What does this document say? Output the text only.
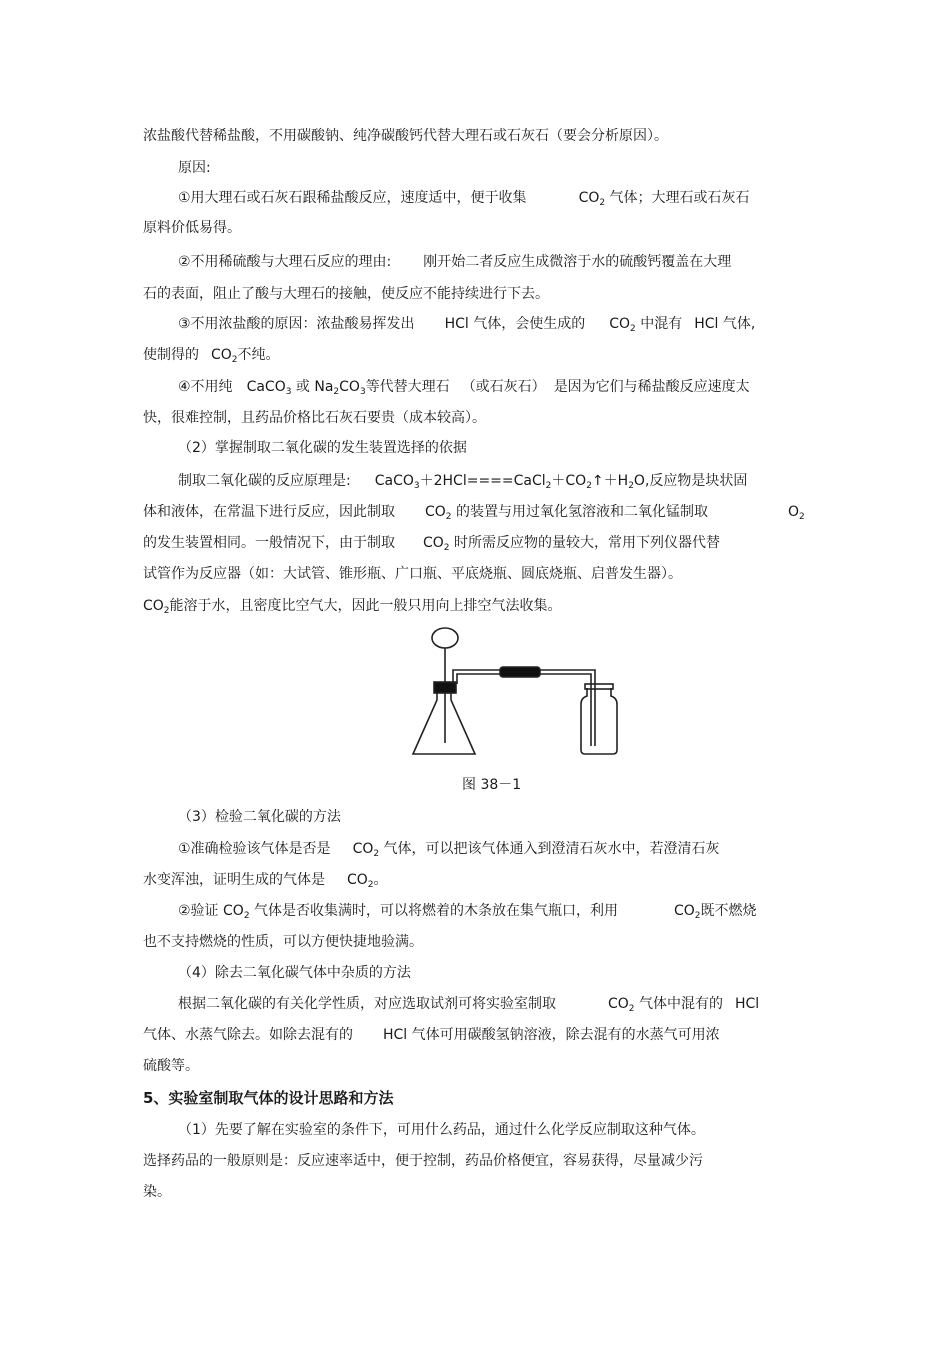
浓盐酸代替稀盐酸，不用碳酸钠、纯净碳酸钙代替大理石或石灰石（要会分析原因）。
原因:
①用大理石或石灰石跟稀盐酸反应，速度适中，便于收集	$CO_2$ 气体；大理石或石灰石
原料价低易得。
②不用稀硫酸与大理石反应的理由: 刚开始二者反应生成微溶于水的硫酸钙覆盖在大理
石的表面，阻止了酸与大理石的接触，使反应不能持续进行下去。
③不用浓盐酸的原因：浓盐酸易挥发出 HCl 气体，会使生成的 $CO_2$ 中混有 HCl 气体,
使制得的 $CO_2$不纯。
④不用纯 CaCO$_3$ 或 $Na_2CO_3$等代替大理石 （或石灰石） 是因为它们与稀盐酸反应速度太
快，很难控制，且药品价格比石灰石要贵（成本较高）。
（2）掌握制取二氧化碳的发生装置选择的依据
制取二氧化碳的反应原理是: $CaCO_3+2HCl====CaCl_2+CO_2↑+H_2O$,反应物是块状固
体和液体，在常温下进行反应，因此制取 $CO_2$ 的装置与用过氧化氢溶液和二氧化锰制取	$O_2$
的发生装置相同。一般情况下，由于制取 $CO_2$ 时所需反应物的量较大，常用下列仪器代替
试管作为反应器（如：大试管、锥形瓶、广口瓶、平底烧瓶、圆底烧瓶、启普发生器）。
$CO_2$能溶于水，且密度比空气大，因此一般只用向上排空气法收集。
图 38－1
（3）检验二氧化碳的方法
①准确检验该气体是否是 $CO_2$ 气体，可以把该气体通入到澄清石灰水中，若澄清石灰
水变浑浊，证明生成的气体是 $CO_2$。
②验证 $CO_2$ 气体是否收集满时，可以将燃着的木条放在集气瓶口，利用	$CO_2$既不燃烧
也不支持燃烧的性质，可以方便快捷地验满。
（4）除去二氧化碳气体中杂质的方法
根据二氧化碳的有关化学性质，对应选取试剂可将实验室制取	$CO_2$ 气体中混有的 HCl
气体、水蒸气除去。如除去混有的 HCl 气体可用碳酸氢钠溶液，除去混有的水蒸气可用浓
硫酸等。
5、实验室制取气体的设计思路和方法
（1）先要了解在实验室的条件下，可用什么药品，通过什么化学反应制取这种气体。
选择药品的一般原则是：反应速率适中，便于控制，药品价格便宜，容易获得，尽量减少污
染。
